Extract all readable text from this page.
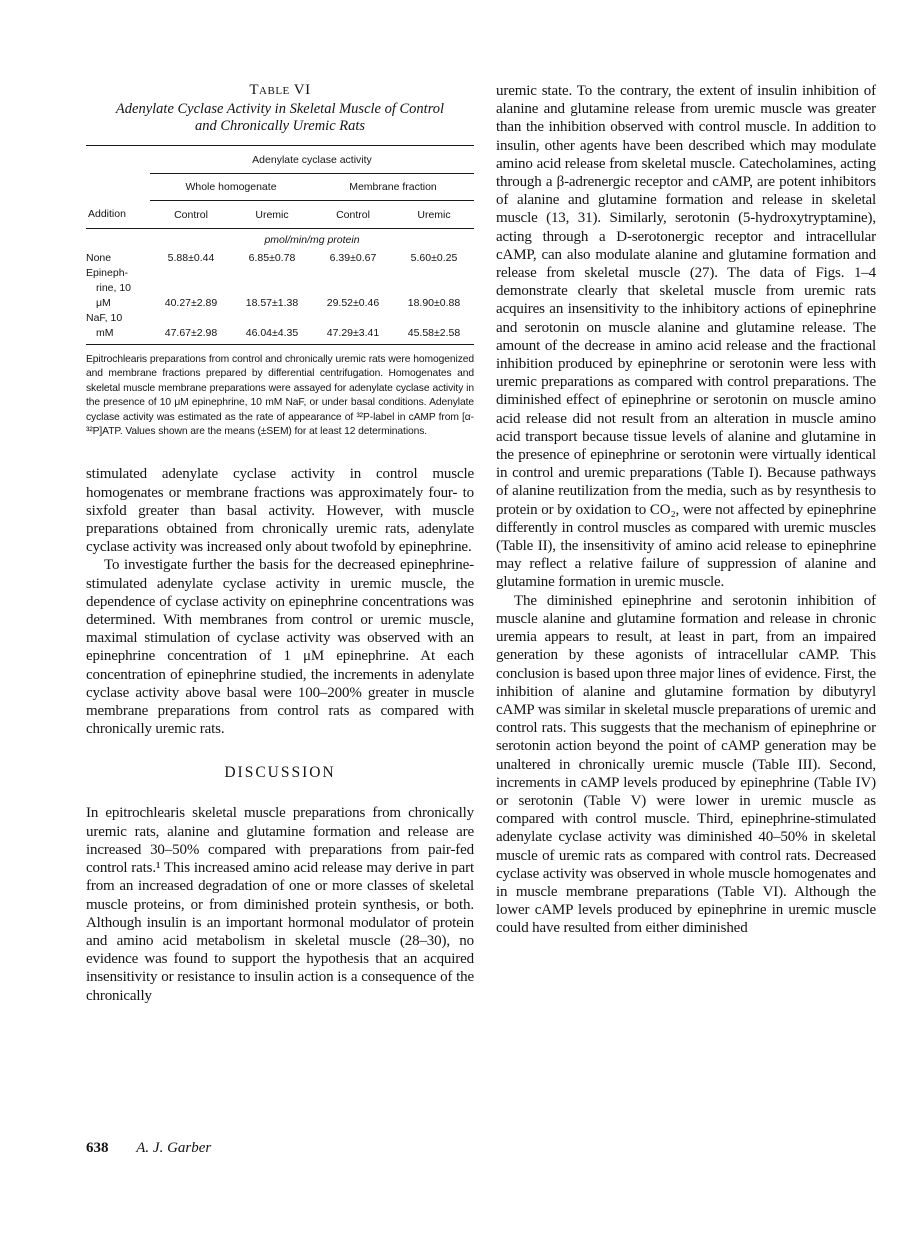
Table VI
Adenylate Cyclase Activity in Skeletal Muscle of Control
and Chronically Uremic Rats
	Adenylate cyclase activity			
	Whole homogenate		Membrane fraction	
Addition	Control	Uremic	Control	Uremic
	pmol/min/mg protein			

None	5.88±0.44	6.85±0.78	6.39±0.67	5.60±0.25

Epineph-
rine, 10
μM	40.27±2.89	18.57±1.38	29.52±0.46	18.90±0.88

NaF, 10
mM	47.67±2.98	46.04±4.35	47.29±3.41	45.58±2.58
Epitrochlearis preparations from control and chronically uremic rats were homogenized and membrane fractions prepared by differential centrifugation. Homogenates and skeletal muscle membrane preparations were assayed for adenylate cyclase activity in the presence of 10 μM epinephrine, 10 mM NaF, or under basal conditions. Adenylate cyclase activity was estimated as the rate of appearance of ³²P-label in cAMP from [α-³²P]ATP. Values shown are the means (±SEM) for at least 12 determinations.

stimulated adenylate cyclase activity in control muscle homogenates or membrane fractions was approximately four- to sixfold greater than basal activity. However, with muscle preparations obtained from chronically uremic rats, adenylate cyclase activity was increased only about twofold by epinephrine.

To investigate further the basis for the decreased epinephrine-stimulated adenylate cyclase activity in uremic muscle, the dependence of cyclase activity on epinephrine concentrations was determined. With membranes from control or uremic muscle, maximal stimulation of cyclase activity was observed with an epinephrine concentration of 1 μM epinephrine. At each concentration of epinephrine studied, the increments in adenylate cyclase activity above basal were 100–200% greater in muscle membrane preparations from control rats as compared with chronically uremic rats.

DISCUSSION

In epitrochlearis skeletal muscle preparations from chronically uremic rats, alanine and glutamine formation and release are increased 30–50% compared with preparations from pair-fed control rats.¹ This increased amino acid release may derive in part from an increased degradation of one or more classes of skeletal muscle proteins, or from diminished protein synthesis, or both. Although insulin is an important hormonal modulator of protein and amino acid metabolism in skeletal muscle (28–30), no evidence was found to support the hypothesis that an acquired insensitivity or resistance to insulin action is a consequence of the chronically

uremic state. To the contrary, the extent of insulin inhibition of alanine and glutamine release from uremic muscle was greater than the inhibition observed with control muscle. In addition to insulin, other agents have been described which may modulate amino acid release from skeletal muscle. Catecholamines, acting through a β-adrenergic receptor and cAMP, are potent inhibitors of alanine and glutamine formation and release in skeletal muscle (13, 31). Similarly, serotonin (5-hydroxytryptamine), acting through a D-serotonergic receptor and intracellular cAMP, can also modulate alanine and glutamine formation and release from skeletal muscle (27). The data of Figs. 1–4 demonstrate clearly that skeletal muscle from uremic rats acquires an insensitivity to the inhibitory actions of epinephrine and serotonin on muscle alanine and glutamine release. The amount of the decrease in amino acid release and the fractional inhibition produced by epinephrine or serotonin were less with uremic preparations as compared with control preparations. The diminished effect of epinephrine or serotonin on muscle amino acid release did not result from an alteration in muscle amino acid transport because tissue levels of alanine and glutamine in the presence of epinephrine or serotonin were virtually identical in control and uremic preparations (Table I). Because pathways of alanine reutilization from the media, such as by resynthesis to protein or by oxidation to CO₂, were not affected by epinephrine differently in control muscles as compared with uremic muscles (Table II), the insensitivity of amino acid release to epinephrine may reflect a relative failure of suppression of alanine and glutamine formation in uremic muscle.

The diminished epinephrine and serotonin inhibition of muscle alanine and glutamine formation and release in chronic uremia appears to result, at least in part, from an impaired generation by these agonists of intracellular cAMP. This conclusion is based upon three major lines of evidence. First, the inhibition of alanine and glutamine formation by dibutyryl cAMP was similar in skeletal muscle preparations of uremic and control rats. This suggests that the mechanism of epinephrine or serotonin action beyond the point of cAMP generation may be unaltered in chronically uremic muscle (Table III). Second, increments in cAMP levels produced by epinephrine (Table IV) or serotonin (Table V) were lower in uremic muscle as compared with control muscle. Third, epinephrine-stimulated adenylate cyclase activity was diminished 40–50% in skeletal muscle of uremic rats as compared with control rats. Decreased cyclase activity was observed in whole muscle homogenates and in muscle membrane preparations (Table VI). Although the lower cAMP levels produced by epinephrine in uremic muscle could have resulted from either diminished

638 A. J. Garber
